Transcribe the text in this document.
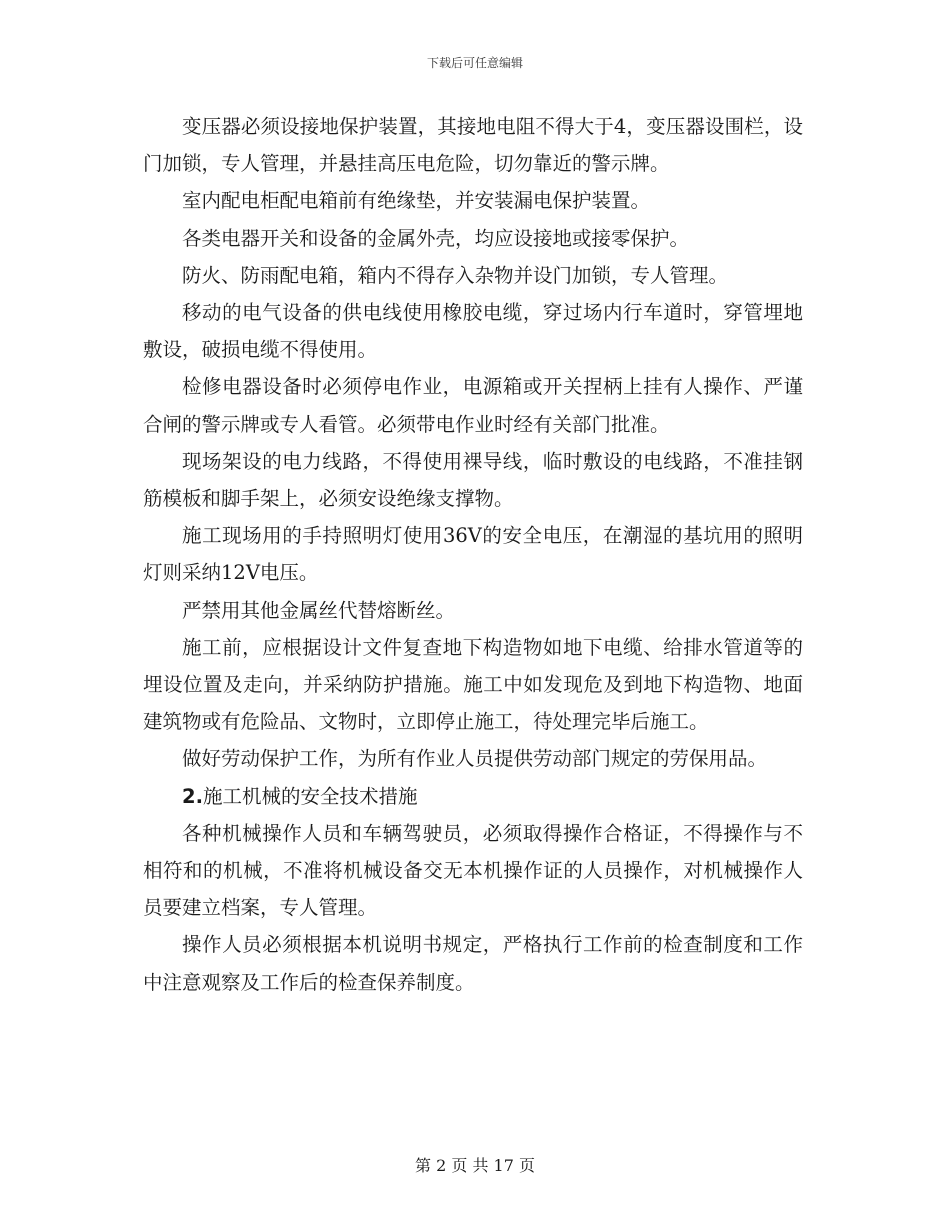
下载后可任意编辑

变压器必须设接地保护装置，其接地电阻不得大于4，变压器设围栏，设门加锁，专人管理，并悬挂高压电危险，切勿靠近的警示牌。

室内配电柜配电箱前有绝缘垫，并安装漏电保护装置。

各类电器开关和设备的金属外壳，均应设接地或接零保护。

防火、防雨配电箱，箱内不得存入杂物并设门加锁，专人管理。

移动的电气设备的供电线使用橡胶电缆，穿过场内行车道时，穿管埋地敷设，破损电缆不得使用。

检修电器设备时必须停电作业，电源箱或开关捏柄上挂有人操作、严谨合闸的警示牌或专人看管。必须带电作业时经有关部门批准。

现场架设的电力线路，不得使用裸导线，临时敷设的电线路，不准挂钢筋模板和脚手架上，必须安设绝缘支撑物。

施工现场用的手持照明灯使用36V的安全电压，在潮湿的基坑用的照明灯则采纳12V电压。

严禁用其他金属丝代替熔断丝。

施工前，应根据设计文件复查地下构造物如地下电缆、给排水管道等的埋设位置及走向，并采纳防护措施。施工中如发现危及到地下构造物、地面建筑物或有危险品、文物时，立即停止施工，待处理完毕后施工。

做好劳动保护工作，为所有作业人员提供劳动部门规定的劳保用品。

2.施工机械的安全技术措施

各种机械操作人员和车辆驾驶员，必须取得操作合格证，不得操作与不相符和的机械，不准将机械设备交无本机操作证的人员操作，对机械操作人员要建立档案，专人管理。

操作人员必须根据本机说明书规定，严格执行工作前的检查制度和工作中注意观察及工作后的检查保养制度。

第 2 页 共 17 页
